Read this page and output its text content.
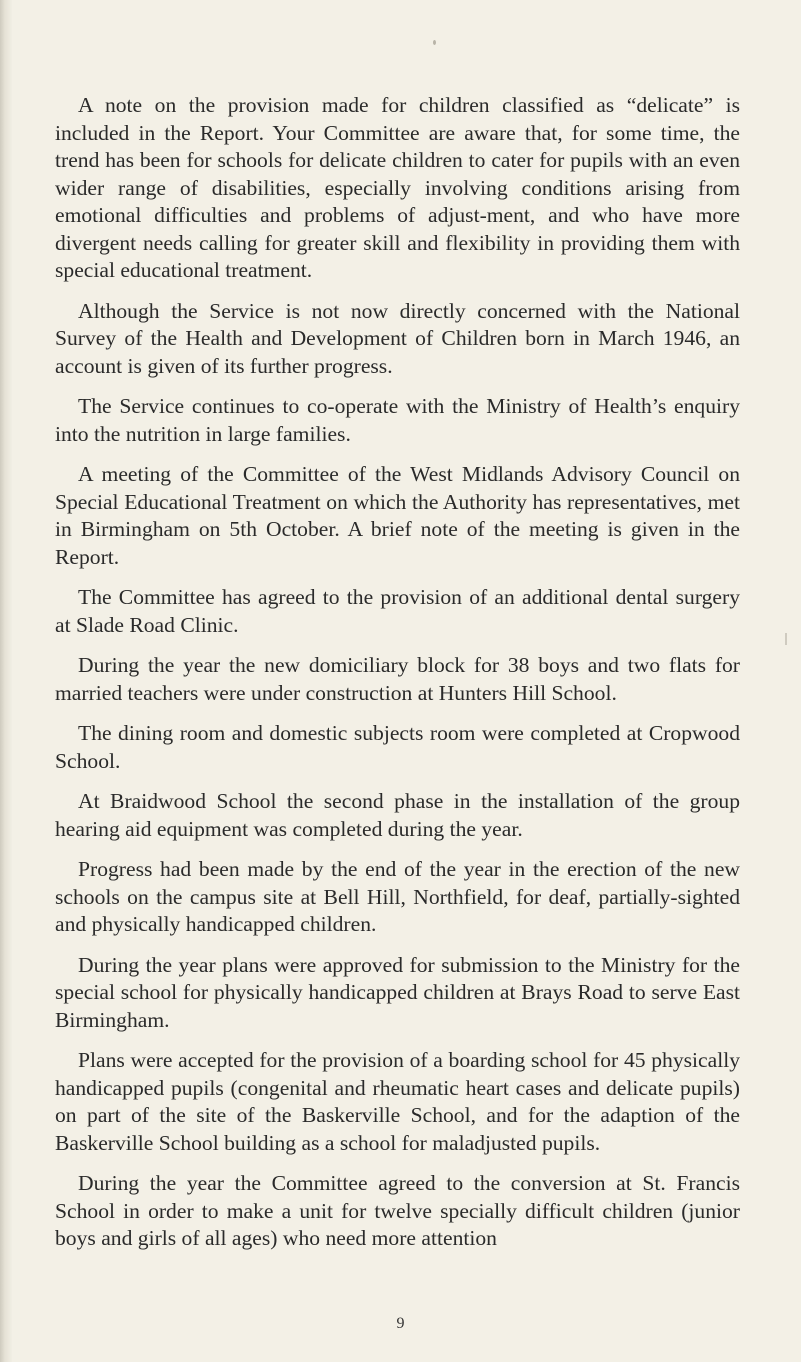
A note on the provision made for children classified as “delicate” is included in the Report. Your Committee are aware that, for some time, the trend has been for schools for delicate children to cater for pupils with an even wider range of disabilities, especially involving conditions arising from emotional difficulties and problems of adjust-ment, and who have more divergent needs calling for greater skill and flexibility in providing them with special educational treatment.

Although the Service is not now directly concerned with the National Survey of the Health and Development of Children born in March 1946, an account is given of its further progress.

The Service continues to co-operate with the Ministry of Health’s enquiry into the nutrition in large families.

A meeting of the Committee of the West Midlands Advisory Council on Special Educational Treatment on which the Authority has representatives, met in Birmingham on 5th October. A brief note of the meeting is given in the Report.

The Committee has agreed to the provision of an additional dental surgery at Slade Road Clinic.

During the year the new domiciliary block for 38 boys and two flats for married teachers were under construction at Hunters Hill School.

The dining room and domestic subjects room were completed at Cropwood School.

At Braidwood School the second phase in the installation of the group hearing aid equipment was completed during the year.

Progress had been made by the end of the year in the erection of the new schools on the campus site at Bell Hill, Northfield, for deaf, partially-sighted and physically handicapped children.

During the year plans were approved for submission to the Ministry for the special school for physically handicapped children at Brays Road to serve East Birmingham.

Plans were accepted for the provision of a boarding school for 45 physically handicapped pupils (congenital and rheumatic heart cases and delicate pupils) on part of the site of the Baskerville School, and for the adaption of the Baskerville School building as a school for maladjusted pupils.

During the year the Committee agreed to the conversion at St. Francis School in order to make a unit for twelve specially difficult children (junior boys and girls of all ages) who need more attention

9
